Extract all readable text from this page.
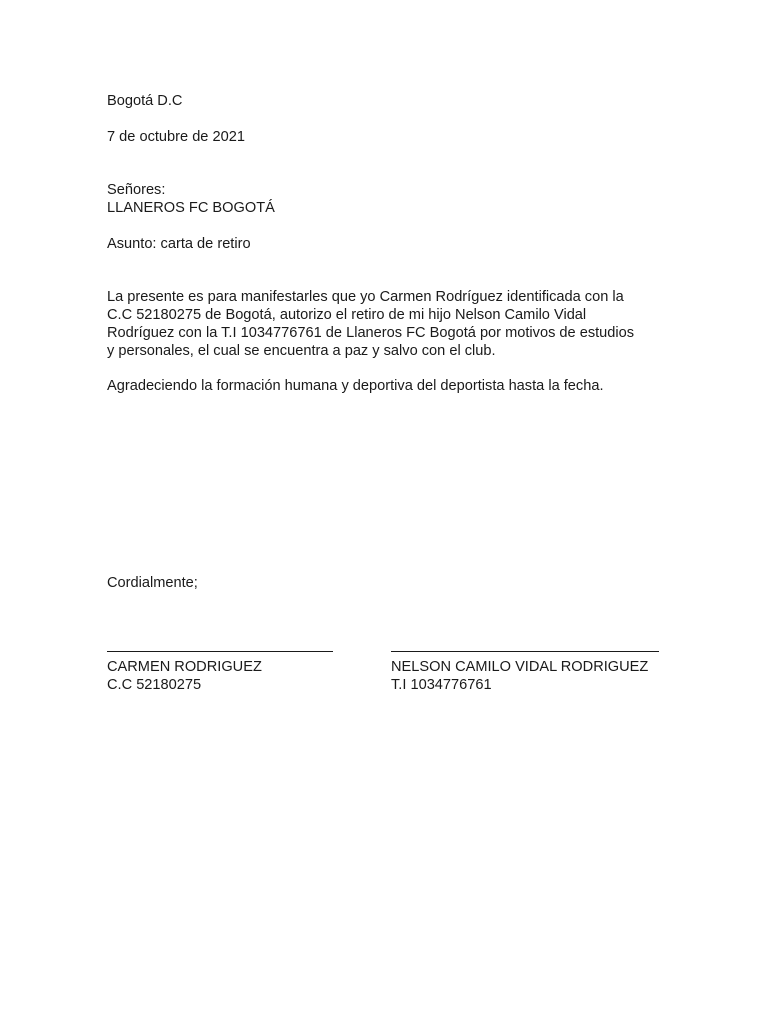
Bogotá D.C
7 de octubre de 2021
Señores:
LLANEROS FC BOGOTÁ
Asunto: carta de retiro
La presente es para manifestarles que yo Carmen Rodríguez identificada con la
C.C 52180275 de Bogotá, autorizo el retiro de mi hijo Nelson Camilo Vidal
Rodríguez con la T.I 1034776761 de Llaneros FC Bogotá por motivos de estudios
y personales, el cual se encuentra a paz y salvo con el club.
Agradeciendo la formación humana y deportiva del deportista hasta la fecha.
Cordialmente;
CARMEN RODRIGUEZ
C.C 52180275
NELSON CAMILO VIDAL RODRIGUEZ
T.I 1034776761
